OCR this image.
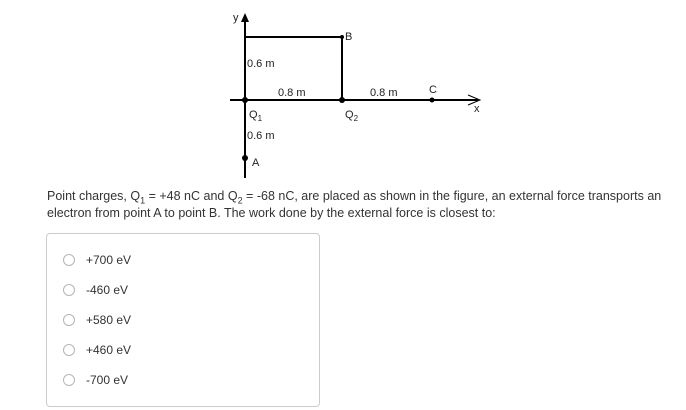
y
x
B
C
A
0.6 m
0.6 m
0.8 m	0.8 m
$Q_1$	$Q_2$

Point charges, $Q_1 = +48$ nC and $Q_2 = -68$ nC, are placed as shown in the figure, an external force transports an electron from point A to point B. The work done by the external force is closest to:

+700 eV
-460 eV
+580 eV
+460 eV
-700 eV
